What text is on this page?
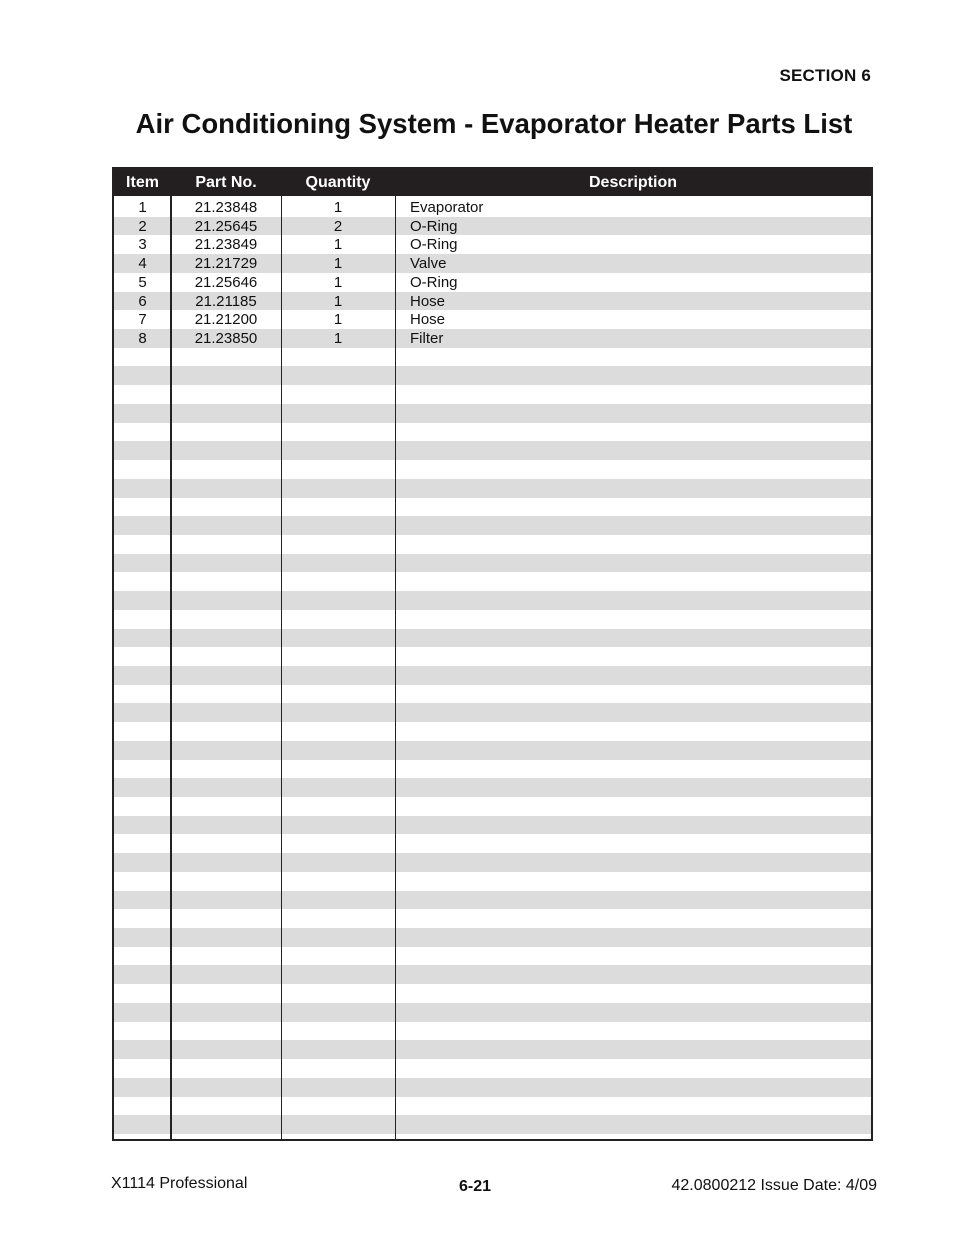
SECTION 6
Air Conditioning System - Evaporator Heater Parts List
Item	Part No.	Quantity	Description
1	21.23848	1	Evaporator
2	21.25645	2	O-Ring
3	21.23849	1	O-Ring
4	21.21729	1	Valve
5	21.25646	1	O-Ring
6	21.21185	1	Hose
7	21.21200	1	Hose
8	21.23850	1	Filter
X1114 Professional	6-21	42.0800212 Issue Date: 4/09
